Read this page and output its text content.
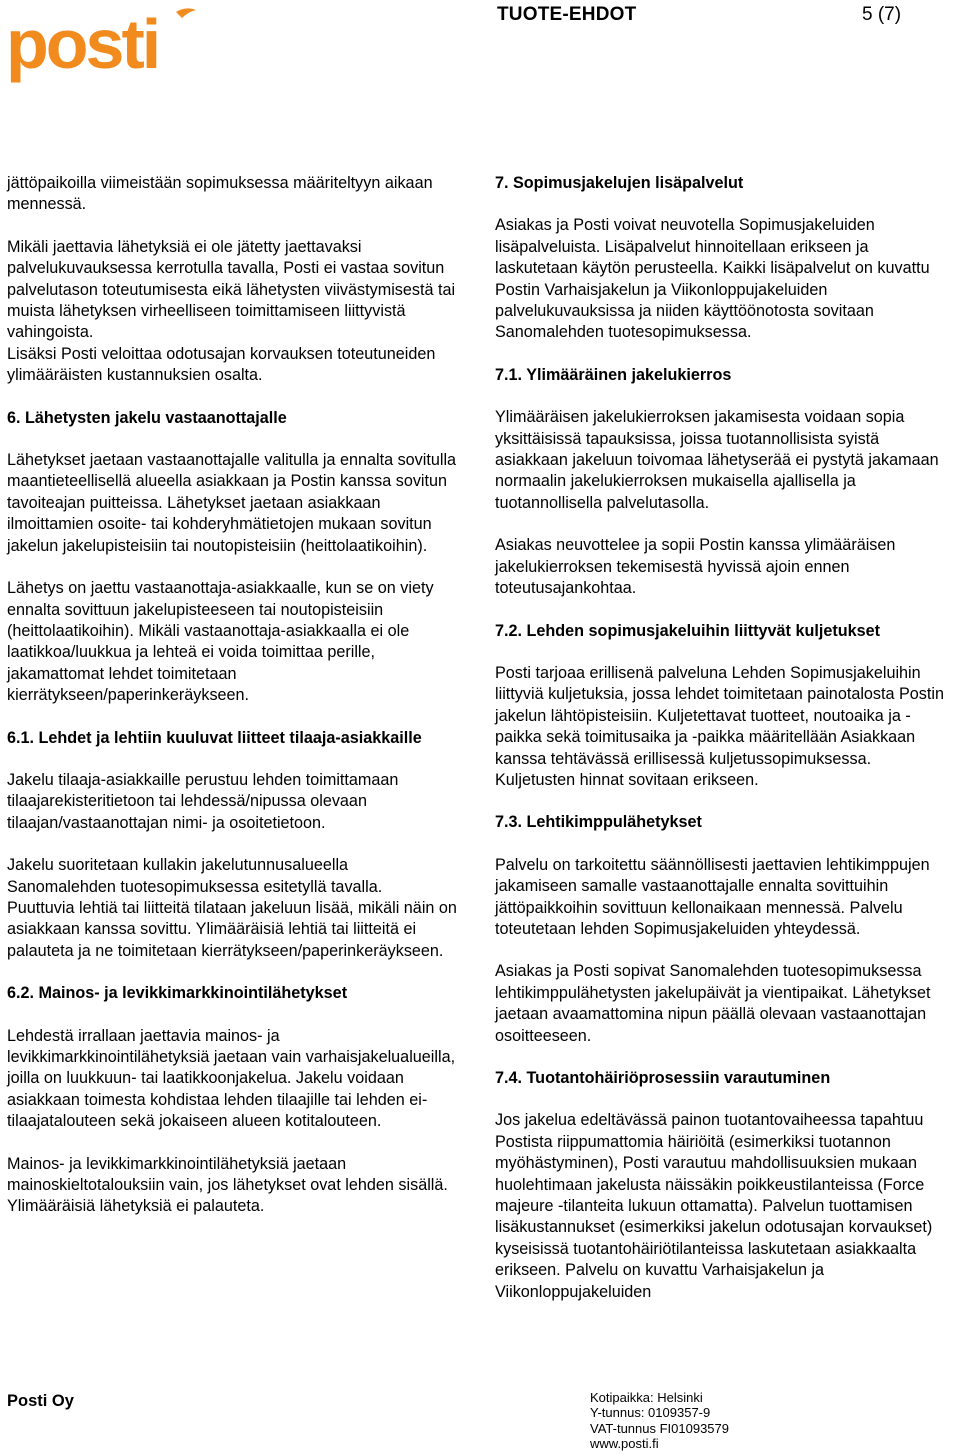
posti	TUOTE-EHDOT	5 (7)

jättöpaikoilla viimeistään sopimuksessa määriteltyyn aikaan mennessä.

Mikäli jaettavia lähetyksiä ei ole jätetty jaettavaksi palvelukuvauksessa kerrotulla tavalla, Posti ei vastaa sovitun palvelutason toteutumisesta eikä lähetysten viivästymisestä tai muista lähetyksen virheelliseen toimittamiseen liittyvistä vahingoista.

Lisäksi Posti veloittaa odotusajan korvauksen toteutuneiden ylimääräisten kustannuksien osalta.

6. Lähetysten jakelu vastaanottajalle

Lähetykset jaetaan vastaanottajalle valitulla ja ennalta sovitulla maantieteellisellä alueella asiakkaan ja Postin kanssa sovitun tavoiteajan puitteissa. Lähetykset jaetaan asiakkaan ilmoittamien osoite- tai kohderyhmätietojen mukaan sovitun jakelun jakelupisteisiin tai noutopisteisiin (heittolaatikoihin).

Lähetys on jaettu vastaanottaja-asiakkaalle, kun se on viety ennalta sovittuun jakelupisteeseen tai noutopisteisiin (heittolaatikoihin). Mikäli vastaanottaja-asiakkaalla ei ole laatikkoa/luukkua ja lehteä ei voida toimittaa perille, jakamattomat lehdet toimitetaan kierrätykseen/paperinkeräykseen.

6.1. Lehdet ja lehtiin kuuluvat liitteet tilaaja-asiakkaille

Jakelu tilaaja-asiakkaille perustuu lehden toimittamaan tilaajarekisteritietoon tai lehdessä/nipussa olevaan tilaajan/vastaanottajan nimi- ja osoitetietoon.

Jakelu suoritetaan kullakin jakelutunnusalueella Sanomalehden tuotesopimuksessa esitetyllä tavalla.

Puuttuvia lehtiä tai liitteitä tilataan jakeluun lisää, mikäli näin on asiakkaan kanssa sovittu. Ylimääräisiä lehtiä tai liitteitä ei palauteta ja ne toimitetaan kierrätykseen/paperinkeräykseen.

6.2. Mainos- ja levikkimarkkinointilähetykset

Lehdestä irrallaan jaettavia mainos- ja levikkimarkkinointilähetyksiä jaetaan vain varhaisjakelualueilla, joilla on luukkuun- tai laatikkoonjakelua. Jakelu voidaan asiakkaan toimesta kohdistaa lehden tilaajille tai lehden ei-tilaajatalouteen sekä jokaiseen alueen kotitalouteen.

Mainos- ja levikkimarkkinointilähetyksiä jaetaan mainoskieltotalouksiin vain, jos lähetykset ovat lehden sisällä. Ylimääräisiä lähetyksiä ei palauteta.

7. Sopimusjakelujen lisäpalvelut

Asiakas ja Posti voivat neuvotella Sopimusjakeluiden lisäpalveluista. Lisäpalvelut hinnoitellaan erikseen ja laskutetaan käytön perusteella. Kaikki lisäpalvelut on kuvattu Postin Varhaisjakelun ja Viikonloppujakeluiden palvelukuvauksissa ja niiden käyttöönotosta sovitaan Sanomalehden tuotesopimuksessa.

7.1. Ylimääräinen jakelukierros

Ylimääräisen jakelukierroksen jakamisesta voidaan sopia yksittäisissä tapauksissa, joissa tuotannollisista syistä asiakkaan jakeluun toivomaa lähetyserää ei pystytä jakamaan normaalin jakelukierroksen mukaisella ajallisella ja tuotannollisella palvelutasolla.

Asiakas neuvottelee ja sopii Postin kanssa ylimääräisen jakelukierroksen tekemisestä hyvissä ajoin ennen toteutusajankohtaa.

7.2. Lehden sopimusjakeluihin liittyvät kuljetukset

Posti tarjoaa erillisenä palveluna Lehden Sopimusjakeluihin liittyviä kuljetuksia, jossa lehdet toimitetaan painotalosta Postin jakelun lähtöpisteisiin. Kuljetettavat tuotteet, noutoaika ja -paikka sekä toimitusaika ja -paikka määritellään Asiakkaan kanssa tehtävässä erillisessä kuljetussopimuksessa. Kuljetusten hinnat sovitaan erikseen.

7.3. Lehtikimppulähetykset

Palvelu on tarkoitettu säännöllisesti jaettavien lehtikimppujen jakamiseen samalle vastaanottajalle ennalta sovittuihin jättöpaikkoihin sovittuun kellonaikaan mennessä. Palvelu toteutetaan lehden Sopimusjakeluiden yhteydessä.

Asiakas ja Posti sopivat Sanomalehden tuotesopimuksessa lehtikimppulähetysten jakelupäivät ja vientipaikat. Lähetykset jaetaan avaamattomina nipun päällä olevaan vastaanottajan osoitteeseen.

7.4. Tuotantohäiriöprosessiin varautuminen

Jos jakelua edeltävässä painon tuotantovaiheessa tapahtuu Postista riippumattomia häiriöitä (esimerkiksi tuotannon myöhästyminen), Posti varautuu mahdollisuuksien mukaan huolehtimaan jakelusta näissäkin poikkeustilanteissa (Force majeure -tilanteita lukuun ottamatta). Palvelun tuottamisen lisäkustannukset (esimerkiksi jakelun odotusajan korvaukset) kyseisissä tuotantohäiriötilanteissa laskutetaan asiakkaalta erikseen. Palvelu on kuvattu Varhaisjakelun ja Viikonloppujakeluiden

Posti Oy	Kotipaikka: Helsinki
Y-tunnus: 0109357-9
VAT-tunnus FI01093579
www.posti.fi
